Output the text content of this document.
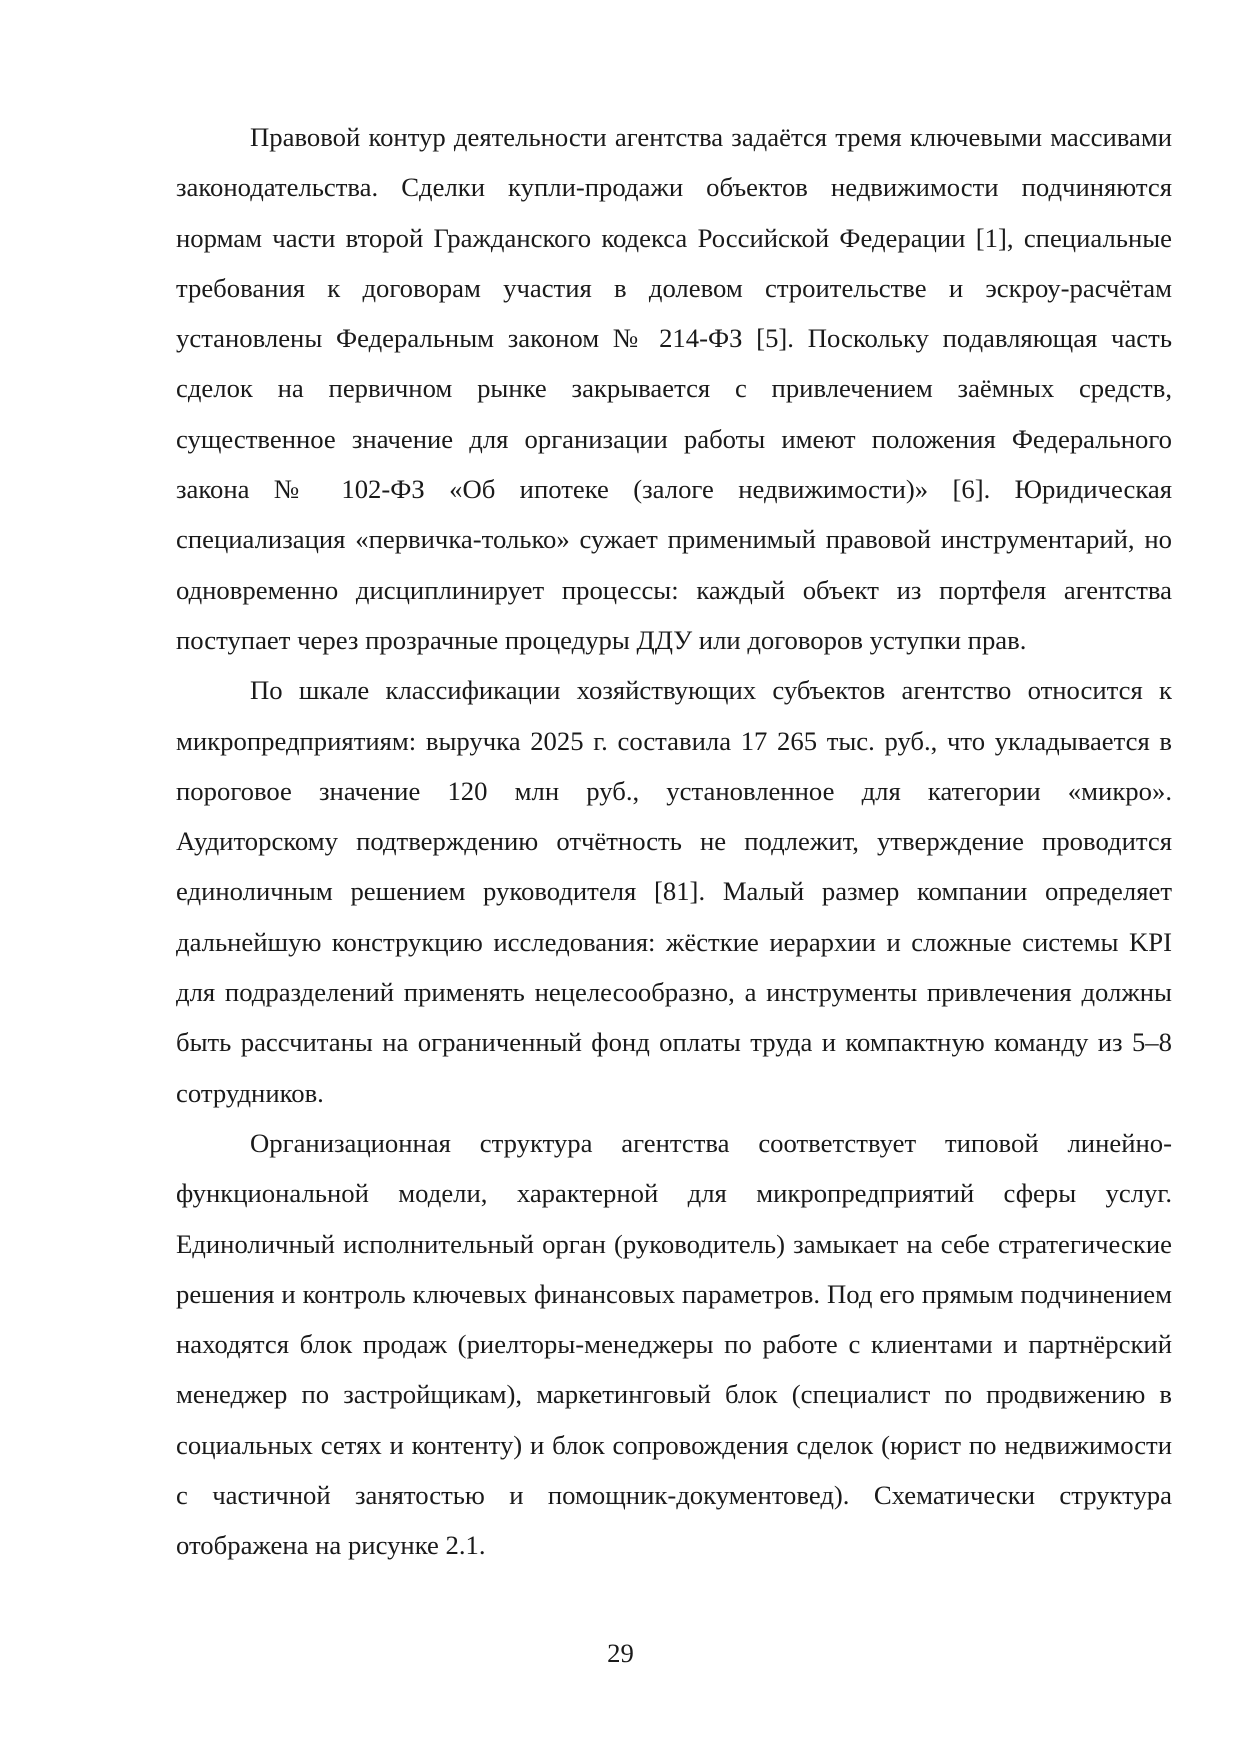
Правовой контур деятельности агентства задаётся тремя ключевыми массивами законодательства. Сделки купли-продажи объектов недвижимости подчиняются нормам части второй Гражданского кодекса Российской Федерации [1], специальные требования к договорам участия в долевом строительстве и эскроу-расчётам установлены Федеральным законом № 214-ФЗ [5]. Поскольку подавляющая часть сделок на первичном рынке закрывается с привлечением заёмных средств, существенное значение для организации работы имеют положения Федерального закона № 102-ФЗ «Об ипотеке (залоге недвижимости)» [6]. Юридическая специализация «первичка-только» сужает применимый правовой инструментарий, но одновременно дисциплинирует процессы: каждый объект из портфеля агентства поступает через прозрачные процедуры ДДУ или договоров уступки прав.

По шкале классификации хозяйствующих субъектов агентство относится к микропредприятиям: выручка 2025 г. составила 17 265 тыс. руб., что укладывается в пороговое значение 120 млн руб., установленное для категории «микро». Аудиторскому подтверждению отчётность не подлежит, утверждение проводится единоличным решением руководителя [81]. Малый размер компании определяет дальнейшую конструкцию исследования: жёсткие иерархии и сложные системы KPI для подразделений применять нецелесообразно, а инструменты привлечения должны быть рассчитаны на ограниченный фонд оплаты труда и компактную команду из 5–8 сотрудников.

Организационная структура агентства соответствует типовой линейно-функциональной модели, характерной для микропредприятий сферы услуг. Единоличный исполнительный орган (руководитель) замыкает на себе стратегические решения и контроль ключевых финансовых параметров. Под его прямым подчинением находятся блок продаж (риелторы-менеджеры по работе с клиентами и партнёрский менеджер по застройщикам), маркетинговый блок (специалист по продвижению в социальных сетях и контенту) и блок сопровождения сделок (юрист по недвижимости с частичной занятостью и помощник-документовед). Схематически структура отображена на рисунке 2.1.

29
